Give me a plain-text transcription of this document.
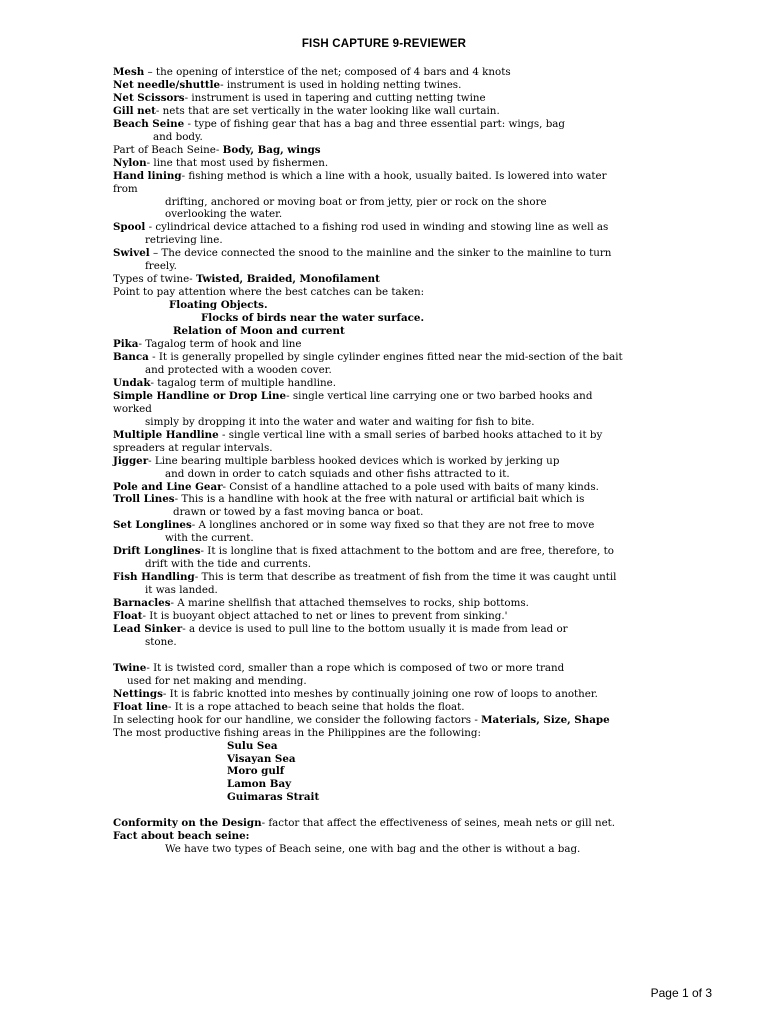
FISH CAPTURE 9-REVIEWER
Mesh – the opening of interstice of the net; composed of 4 bars and 4 knots
Net needle/shuttle- instrument is used in holding netting twines.
Net Scissors- instrument is used in tapering and cutting netting twine
Gill net- nets that are set vertically in the water looking like wall curtain.
Beach Seine - type of fishing gear that has a bag and three essential part: wings, bag
and body.
Part of Beach Seine- Body, Bag, wings
Nylon- line that most used by fishermen.
Hand lining- fishing method is which a line with a hook, usually baited. Is lowered into water
from
drifting, anchored or moving boat or from jetty, pier or rock on the shore
overlooking the water.
Spool - cylindrical device attached to a fishing rod used in winding and stowing line as well as
retrieving line.
Swivel – The device connected the snood to the mainline and the sinker to the mainline to turn
freely.
Types of twine- Twisted, Braided, Monofilament
Point to pay attention where the best catches can be taken:
Floating Objects.
Flocks of birds near the water surface.
Relation of Moon and current
Pika- Tagalog term of hook and line
Banca - It is generally propelled by single cylinder engines fitted near the mid-section of the bait
and protected with a wooden cover.
Undak- tagalog term of multiple handline.
Simple Handline or Drop Line- single vertical line carrying one or two barbed hooks and
worked
simply by dropping it into the water and water and waiting for fish to bite.
Multiple Handline - single vertical line with a small series of barbed hooks attached to it by
spreaders at regular intervals.
Jigger- Line bearing multiple barbless hooked devices which is worked by jerking up
and down in order to catch squiads and other fishs attracted to it.
Pole and Line Gear- Consist of a handline attached to a pole used with baits of many kinds.
Troll Lines- This is a handline with hook at the free with natural or artificial bait which is
drawn or towed by a fast moving banca or boat.
Set Longlines- A longlines anchored or in some way fixed so that they are not free to move
with the current.
Drift Longlines- It is longline that is fixed attachment to the bottom and are free, therefore, to
drift with the tide and currents.
Fish Handling- This is term that describe as treatment of fish from the time it was caught until
it was landed.
Barnacles- A marine shellfish that attached themselves to rocks, ship bottoms.
Float- It is buoyant object attached to net or lines to prevent from sinking.'
Lead Sinker- a device is used to pull line to the bottom usually it is made from lead or
stone.
Twine- It is twisted cord, smaller than a rope which is composed of two or more trand
used for net making and mending.
Nettings- It is fabric knotted into meshes by continually joining one row of loops to another.
Float line- It is a rope attached to beach seine that holds the float.
In selecting hook for our handline, we consider the following factors - Materials, Size, Shape
The most productive fishing areas in the Philippines are the following:
Sulu Sea
Visayan Sea
Moro gulf
Lamon Bay
Guimaras Strait
Conformity on the Design- factor that affect the effectiveness of seines, meah nets or gill net.
Fact about beach seine:
We have two types of Beach seine, one with bag and the other is without a bag.
Page 1 of 3
